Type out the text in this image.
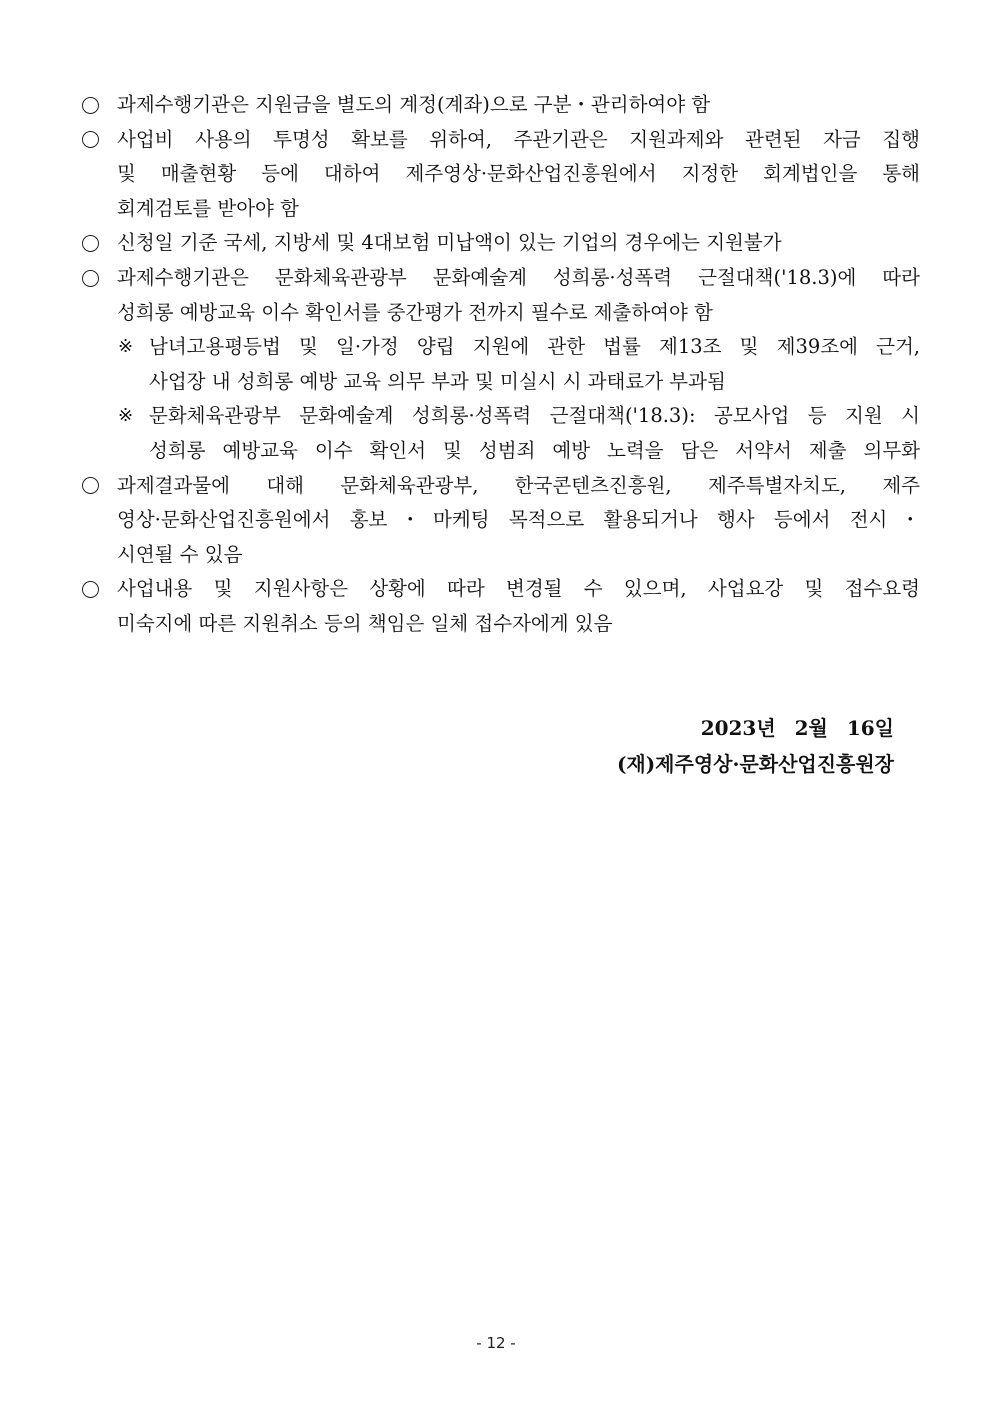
과제수행기관은 지원금을 별도의 계정(계좌)으로 구분・관리하여야 함
사업비 사용의 투명성 확보를 위하여, 주관기관은 지원과제와 관련된 자금 집행
및 매출현황 등에 대하여 제주영상·문화산업진흥원에서 지정한 회계법인을 통해
회계검토를 받아야 함
신청일 기준 국세, 지방세 및 4대보험 미납액이 있는 기업의 경우에는 지원불가
과제수행기관은 문화체육관광부 문화예술계 성희롱·성폭력 근절대책('18.3)에 따라
성희롱 예방교육 이수 확인서를 중간평가 전까지 필수로 제출하여야 함
※ 남녀고용평등법 및 일·가정 양립 지원에 관한 법률 제13조 및 제39조에 근거,
사업장 내 성희롱 예방 교육 의무 부과 및 미실시 시 과태료가 부과됨
※ 문화체육관광부 문화예술계 성희롱·성폭력 근절대책('18.3): 공모사업 등 지원 시
성희롱 예방교육 이수 확인서 및 성범죄 예방 노력을 담은 서약서 제출 의무화
과제결과물에 대해 문화체육관광부, 한국콘텐츠진흥원, 제주특별자치도, 제주
영상·문화산업진흥원에서 홍보・마케팅 목적으로 활용되거나 행사 등에서 전시・
시연될 수 있음
사업내용 및 지원사항은 상황에 따라 변경될 수 있으며, 사업요강 및 접수요령
미숙지에 따른 지원취소 등의 책임은 일체 접수자에게 있음
2023년 2월 16일
(재)제주영상·문화산업진흥원장
- 12 -
